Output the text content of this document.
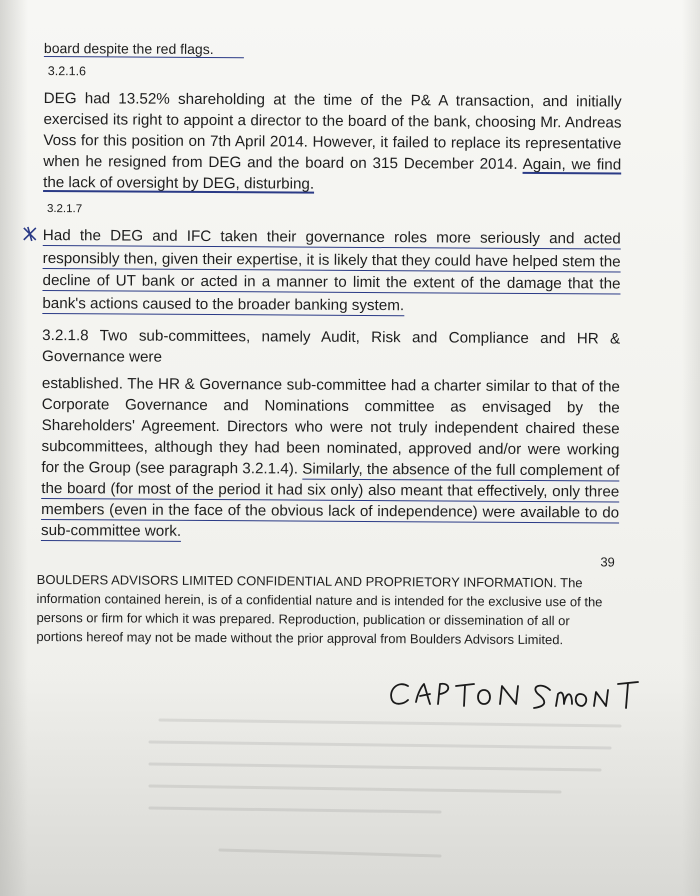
board despite the red flags.

3.2.1.6

DEG had 13.52% shareholding at the time of the P& A transaction, and initially exercised its right to appoint a director to the board of the bank, choosing Mr. Andreas Voss for this position on 7th April 2014. However, it failed to replace its representative when he resigned from DEG and the board on 315 December 2014. Again, we find the lack of oversight by DEG, disturbing.

3.2.1.7

Had the DEG and IFC taken their governance roles more seriously and acted responsibly then, given their expertise, it is likely that they could have helped stem the decline of UT bank or acted in a manner to limit the extent of the damage that the bank's actions caused to the broader banking system.

3.2.1.8 Two sub-committees, namely Audit, Risk and Compliance and HR & Governance were

established. The HR & Governance sub-committee had a charter similar to that of the Corporate Governance and Nominations committee as envisaged by the Shareholders' Agreement. Directors who were not truly independent chaired these subcommittees, although they had been nominated, approved and/or were working for the Group (see paragraph 3.2.1.4). Similarly, the absence of the full complement of the board (for most of the period it had six only) also meant that effectively, only three members (even in the face of the obvious lack of independence) were available to do sub-committee work.

39

BOULDERS ADVISORS LIMITED CONFIDENTIAL AND PROPRIETORY INFORMATION. The information contained herein, is of a confidential nature and is intended for the exclusive use of the persons or firm for which it was prepared. Reproduction, publication or dissemination of all or portions hereof may not be made without the prior approval from Boulders Advisors Limited.
